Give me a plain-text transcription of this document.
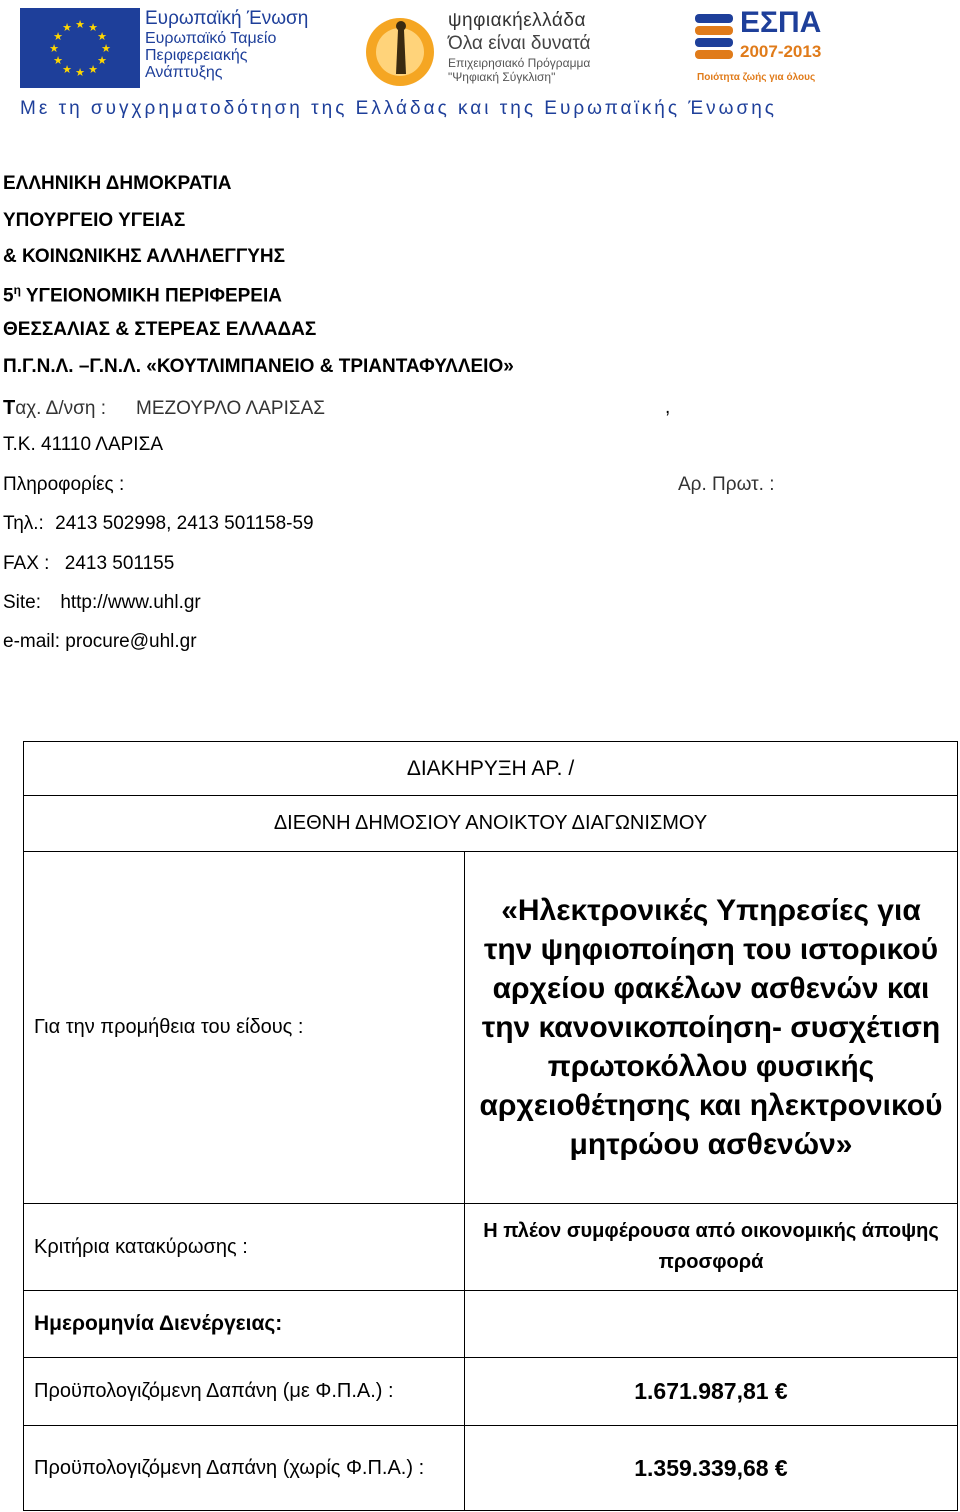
★ ★
★
★
★
★
★
★
★
★
★
★	Ευρωπαϊκή Ένωση
Ευρωπαϊκό Ταμείο
Περιφερειακής
Ανάπτυξης
ψηφιακήελλάδα
Όλα είναι δυνατά
Επιχειρησιακό Πρόγραμμα
"Ψηφιακή Σύγκλιση"
ΕΣΠΑ
2007-2013
Ποιότητα ζωής για όλους
Με τη συγχρηματοδότηση της Ελλάδας και της Ευρωπαϊκής Ένωσης
ΕΛΛΗΝΙΚΗ ΔΗΜΟΚΡΑΤΙΑ
ΥΠΟΥΡΓΕΙΟ ΥΓΕΙΑΣ
& ΚΟΙΝΩΝΙΚΗΣ ΑΛΛΗΛΕΓΓΥΗΣ
$5^\eta$ ΥΓΕΙΟΝΟΜΙΚΗ ΠΕΡΙΦΕΡΕΙΑ
ΘΕΣΣΑΛΙΑΣ & ΣΤΕΡΕΑΣ ΕΛΛΑΔΑΣ
Π.Γ.Ν.Λ. –Γ.Ν.Λ. «ΚΟΥΤΛΙΜΠΑΝΕΙΟ & ΤΡΙΑΝΤΑΦΥΛΛΕΙΟ»
Ταχ. Δ/νση : ΜΕΖΟΥΡΛΟ ΛΑΡΙΣΑΣ	,
Τ.Κ. 41110 ΛΑΡΙΣΑ
Πληροφορίες :	Αρ. Πρωτ. :
Τηλ.: 2413 502998, 2413 501158-59
FAX : 2413 501155
Site: http://www.uhl.gr
e-mail: procure@uhl.gr
ΔΙΑΚΗΡΥΞΗ ΑΡ. /	
ΔΙΕΘΝΗ ΔΗΜΟΣΙΟΥ ΑΝΟΙΚΤΟΥ ΔΙΑΓΩΝΙΣΜΟΥ	
Για την προμήθεια του είδους :	«Ηλεκτρονικές Υπηρεσίες για την ψηφιοποίηση του ιστορικού αρχείου φακέλων ασθενών και την κανονικοποίηση- συσχέτιση πρωτοκόλλου φυσικής αρχειοθέτησης και ηλεκτρονικού μητρώου ασθενών»
Κριτήρια κατακύρωσης :	Η πλέον συμφέρουσα από οικονομικής άποψης προσφορά
Ημερομηνία Διενέργειας:	
Προϋπολογιζόμενη Δαπάνη (με Φ.Π.Α.) :	1.671.987,81 €
Προϋπολογιζόμενη Δαπάνη (χωρίς Φ.Π.Α.) :	1.359.339,68 €
